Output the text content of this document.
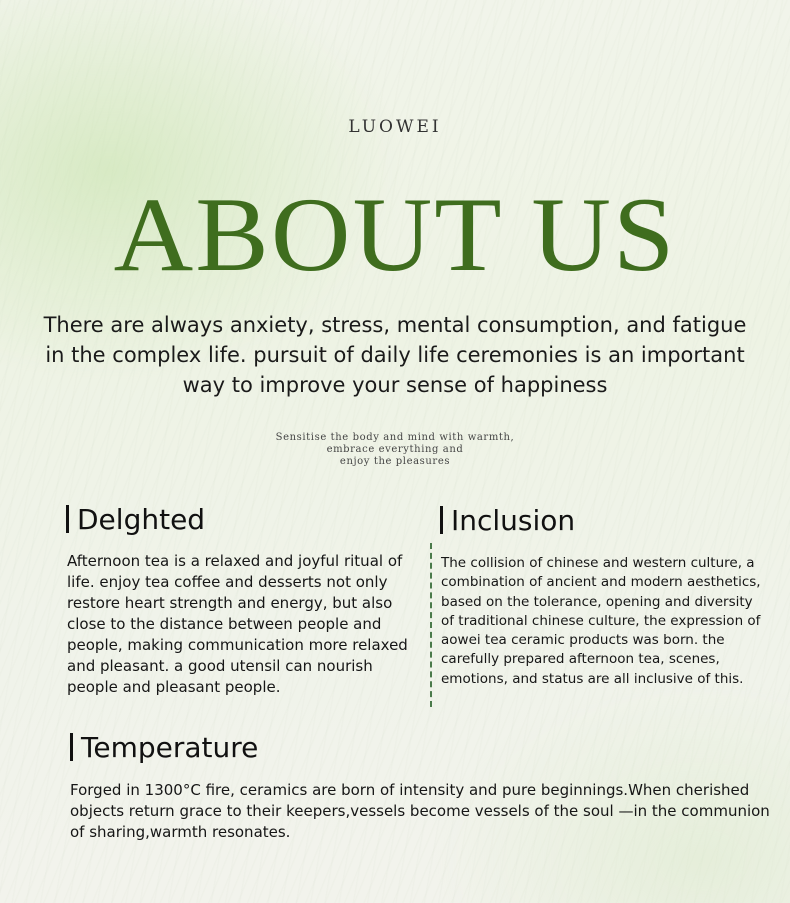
LUOWEI
ABOUT US
There are always anxiety, stress, mental consumption, and fatigue in the complex life. pursuit of daily life ceremonies is an important way to improve your sense of happiness
Sensitise the body and mind with warmth,
embrace everything and
enjoy the pleasures
Delghted
Afternoon tea is a relaxed and joyful ritual of life. enjoy tea coffee and desserts not only restore heart strength and energy, but also close to the distance between people and people, making communication more relaxed and pleasant. a good utensil can nourish people and pleasant people.
Inclusion
The collision of chinese and western culture, a combination of ancient and modern aesthetics, based on the tolerance, opening and diversity of traditional chinese culture, the expression of aowei tea ceramic products was born. the carefully prepared afternoon tea, scenes, emotions, and status are all inclusive of this.
Temperature
Forged in 1300°C fire, ceramics are born of intensity and pure beginnings.When cherished objects return grace to their keepers,vessels become vessels of the soul —in the communion of sharing,warmth resonates.
